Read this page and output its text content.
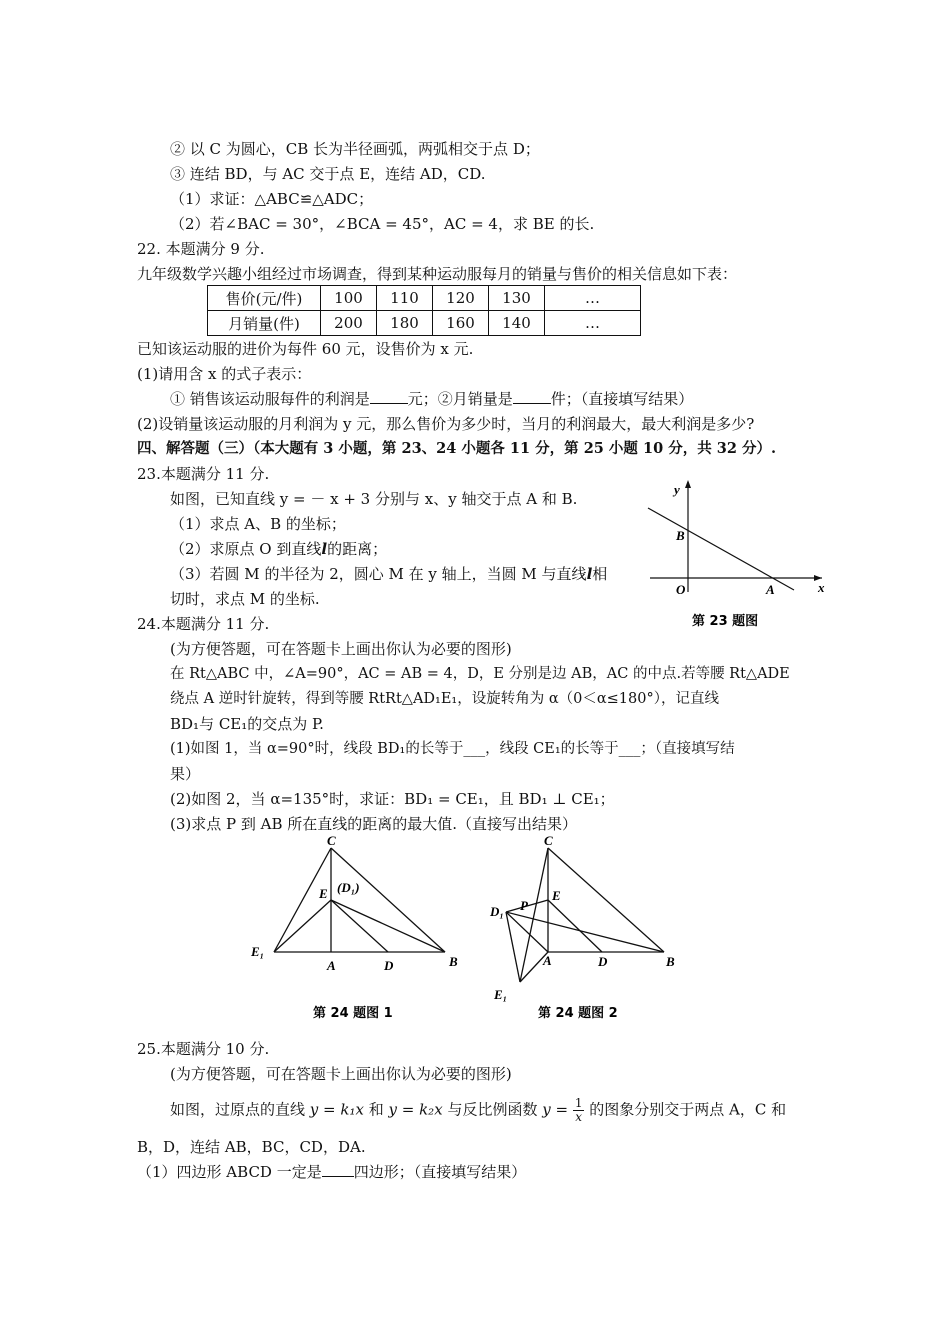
② 以 C 为圆心，CB 长为半径画弧，两弧相交于点 D；
③ 连结 BD，与 AC 交于点 E，连结 AD，CD.
（1）求证：△ABC≌△ADC；
（2）若∠BAC = 30°，∠BCA = 45°，AC = 4，求 BE 的长.
22. 本题满分 9 分.
九年级数学兴趣小组经过市场调查，得到某种运动服每月的销量与售价的相关信息如下表：
售价(元/件)	100	110	120	130	…
月销量(件)	200	180	160	140	…
已知该运动服的进价为每件 60 元，设售价为 x 元.
(1)请用含 x 的式子表示：
① 销售该运动服每件的利润是	元；②月销量是	件；（直接填写结果）
(2)设销量该运动服的月利润为 y 元，那么售价为多少时，当月的利润最大，最大利润是多少?
四、解答题（三）（本大题有 3 小题，第 23、24 小题各 11 分，第 25 小题 10 分，共 32 分）.
23.本题满分 11 分.
如图，已知直线 y = － x + 3 分别与 x、y 轴交于点 A 和 B.
（1）求点 A、B 的坐标；
（2）求原点 O 到直线l的距离；
（3）若圆 M 的半径为 2，圆心 M 在 y 轴上，当圆 M 与直线l相
切时，求点 M 的坐标.
y
x
B
O	A
第 23 题图
24.本题满分 11 分.
(为方便答题，可在答题卡上画出你认为必要的图形)
在 Rt△ABC 中，∠A=90°，AC = AB = 4，D，E 分别是边 AB，AC 的中点.若等腰 Rt△ADE
绕点 A 逆时针旋转，得到等腰 RtRt△AD₁E₁，设旋转角为 α（0＜α≤180°），记直线
BD₁与 CE₁的交点为 P.
(1)如图 1，当 α=90°时，线段 BD₁的长等于___，线段 CE₁的长等于___；（直接填写结
果）
(2)如图 2，当 α=135°时，求证：BD₁ = CE₁，且 BD₁ ⊥ CE₁；
(3)求点 P 到 AB 所在直线的距离的最大值.（直接写出结果）
C
E (D₁)
E₁
A	D	B
第 24 题图 1
C
E
P
D₁
A	D	B
E₁
第 24 题图 2
25.本题满分 10 分.
(为方便答题，可在答题卡上画出你认为必要的图形)
如图，过原点的直线 y = k₁x 和 y = k₂x 与反比例函数 $y = \frac{1}{x}$ 的图象分别交于两点 A，C 和
B，D，连结 AB，BC，CD，DA.
（1）四边形 ABCD 一定是 四边形；（直接填写结果）
